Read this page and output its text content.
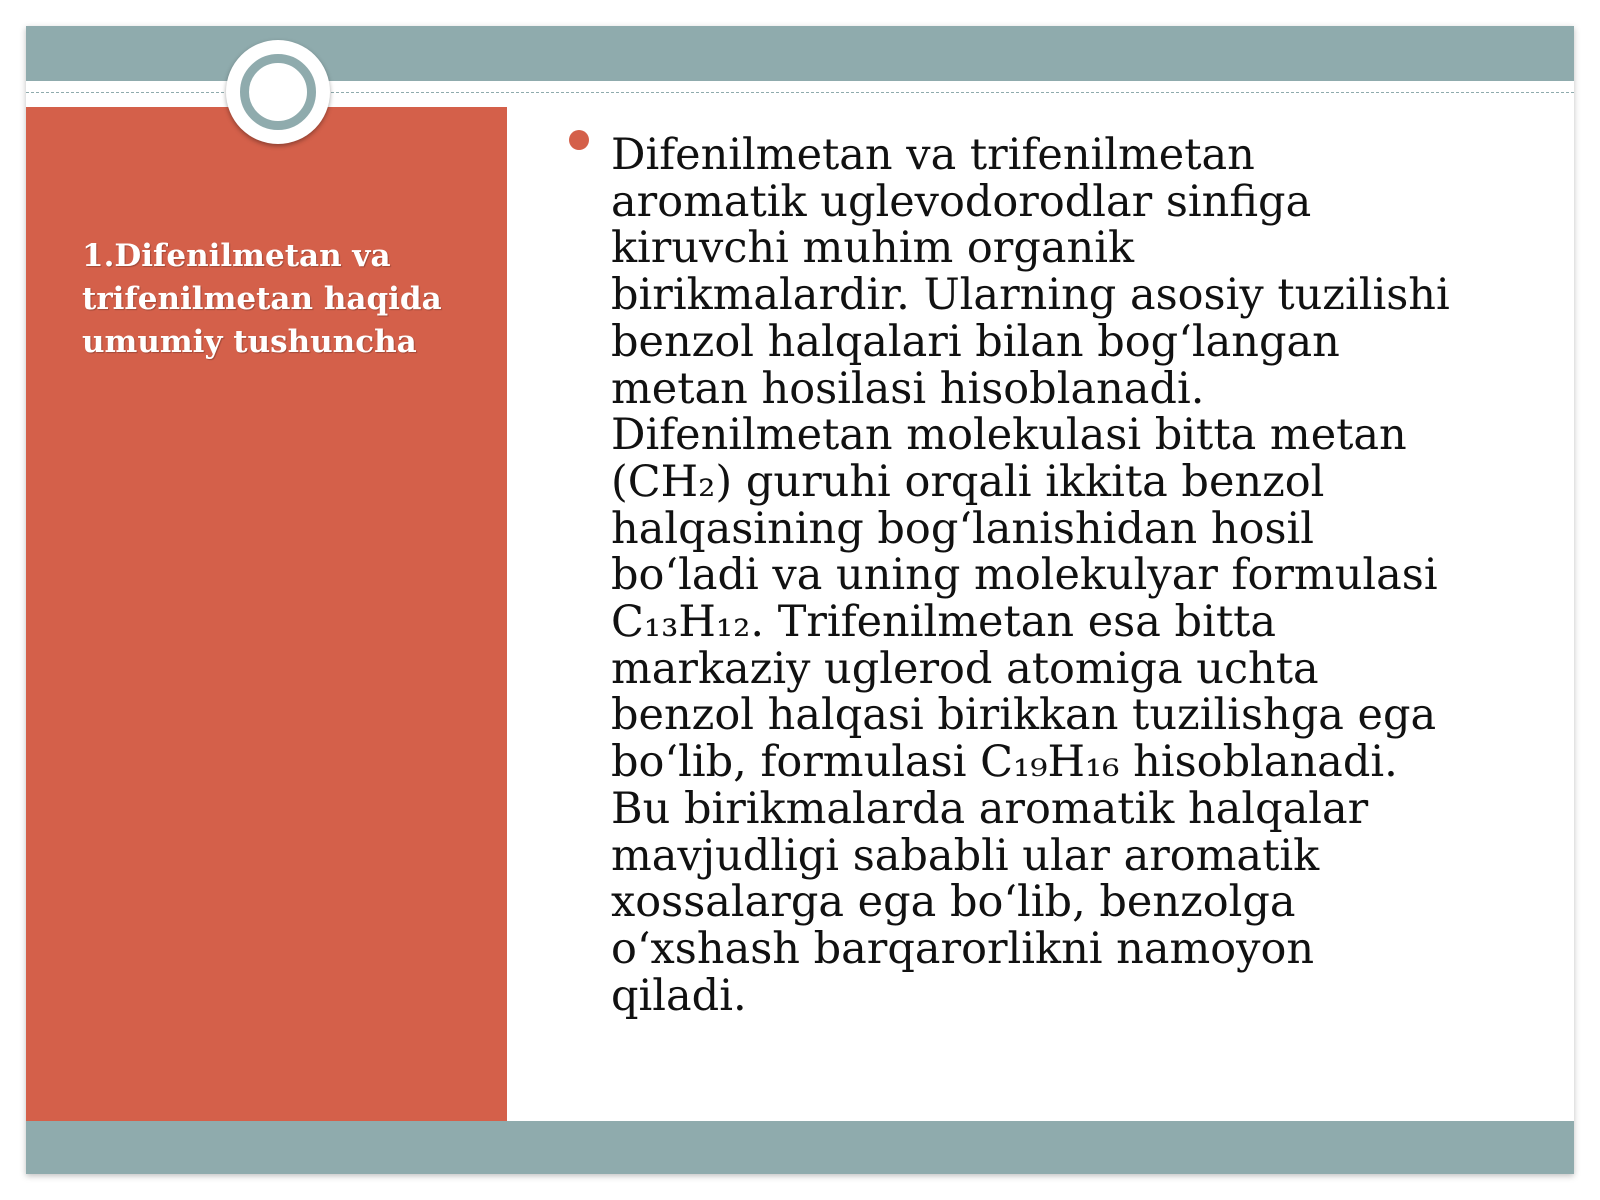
1.Difenilmetan va
trifenilmetan haqida
umumiy tushuncha

Difenilmetan va trifenilmetan
aromatik uglevodorodlar sinfiga
kiruvchi muhim organik
birikmalardir. Ularning asosiy tuzilishi
benzol halqalari bilan bog‘langan
metan hosilasi hisoblanadi.
Difenilmetan molekulasi bitta metan
(CH₂) guruhi orqali ikkita benzol
halqasining bog‘lanishidan hosil
bo‘ladi va uning molekulyar formulasi
C₁₃H₁₂. Trifenilmetan esa bitta
markaziy uglerod atomiga uchta
benzol halqasi birikkan tuzilishga ega
bo‘lib, formulasi C₁₉H₁₆ hisoblanadi.
Bu birikmalarda aromatik halqalar
mavjudligi sababli ular aromatik
xossalarga ega bo‘lib, benzolga
o‘xshash barqarorlikni namoyon
qiladi.
